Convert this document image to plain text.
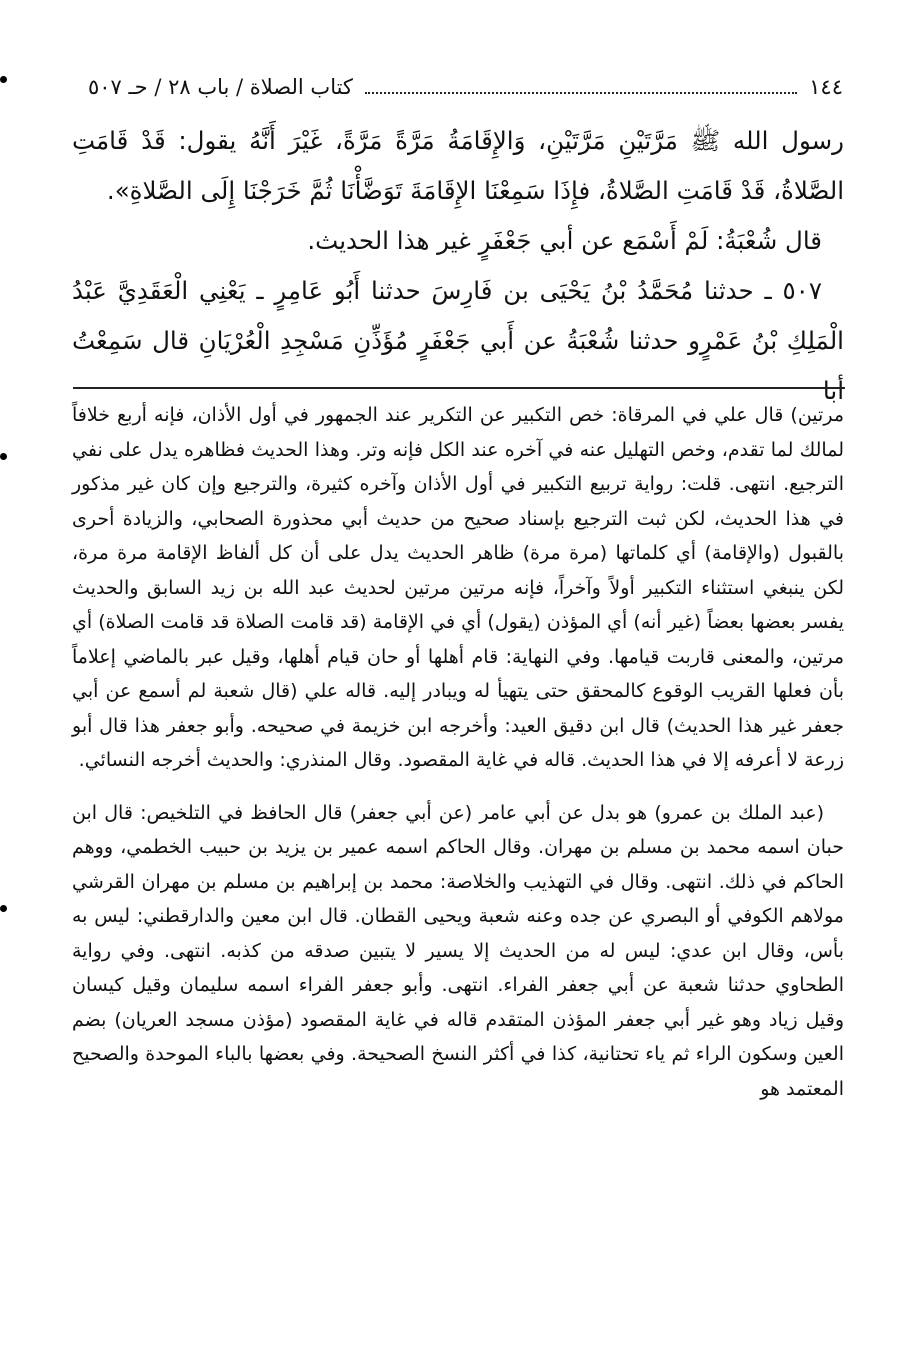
١٤٤
كتاب الصلاة / باب ٢٨ / حـ ٥٠٧

رسول الله ﷺ مَرَّتَيْنِ مَرَّتَيْنِ، وَالإِقَامَةُ مَرَّةً مَرَّةً، غَيْرَ أَنَّهُ يقول: قَدْ قَامَتِ الصَّلاةُ، قَدْ قَامَتِ الصَّلاةُ، فإِذَا سَمِعْنَا الإِقَامَةَ تَوَضَّأْنَا ثُمَّ خَرَجْنَا إِلَى الصَّلاةِ».

قال شُعْبَةُ: لَمْ أَسْمَع عن أبي جَعْفَرٍ غير هذا الحديث.

٥٠٧ ـ حدثنا مُحَمَّدُ بْنُ يَحْيَى بن فَارِسَ حدثنا أَبُو عَامِرٍ ـ يَعْنِي الْعَقَدِيَّ عَبْدُ الْمَلِكِ بْنُ عَمْرٍو حدثنا شُعْبَةُ عن أَبي جَعْفَرٍ مُؤَذِّنِ مَسْجِدِ الْعُرْيَانِ قال سَمِعْتُ أبا

مرتين) قال علي في المرقاة: خص التكبير عن التكرير عند الجمهور في أول الأذان، فإنه أربع خلافاً لمالك لما تقدم، وخص التهليل عنه في آخره عند الكل فإنه وتر. وهذا الحديث فظاهره يدل على نفي الترجيع. انتهى. قلت: رواية تربيع التكبير في أول الأذان وآخره كثيرة، والترجيع وإن كان غير مذكور في هذا الحديث، لكن ثبت الترجيع بإسناد صحيح من حديث أبي محذورة الصحابي، والزيادة أحرى بالقبول (والإقامة) أي كلماتها (مرة مرة) ظاهر الحديث يدل على أن كل ألفاظ الإقامة مرة مرة، لكن ينبغي استثناء التكبير أولاً وآخراً، فإنه مرتين مرتين لحديث عبد الله بن زيد السابق والحديث يفسر بعضها بعضاً (غير أنه) أي المؤذن (يقول) أي في الإقامة (قد قامت الصلاة قد قامت الصلاة) أي مرتين، والمعنى قاربت قيامها. وفي النهاية: قام أهلها أو حان قيام أهلها، وقيل عبر بالماضي إعلاماً بأن فعلها القريب الوقوع كالمحقق حتى يتهيأ له ويبادر إليه. قاله علي (قال شعبة لم أسمع عن أبي جعفر غير هذا الحديث) قال ابن دقيق العيد: وأخرجه ابن خزيمة في صحيحه. وأبو جعفر هذا قال أبو زرعة لا أعرفه إلا في هذا الحديث. قاله في غاية المقصود. وقال المنذري: والحديث أخرجه النسائي.

(عبد الملك بن عمرو) هو بدل عن أبي عامر (عن أبي جعفر) قال الحافظ في التلخيص: قال ابن حبان اسمه محمد بن مسلم بن مهران. وقال الحاكم اسمه عمير بن يزيد بن حبيب الخطمي، ووهم الحاكم في ذلك. انتهى. وقال في التهذيب والخلاصة: محمد بن إبراهيم بن مسلم بن مهران القرشي مولاهم الكوفي أو البصري عن جده وعنه شعبة ويحيى القطان. قال ابن معين والدارقطني: ليس به بأس، وقال ابن عدي: ليس له من الحديث إلا يسير لا يتبين صدقه من كذبه. انتهى. وفي رواية الطحاوي حدثنا شعبة عن أبي جعفر الفراء. انتهى. وأبو جعفر الفراء اسمه سليمان وقيل كيسان وقيل زياد وهو غير أبي جعفر المؤذن المتقدم قاله في غاية المقصود (مؤذن مسجد العريان) بضم العين وسكون الراء ثم ياء تحتانية، كذا في أكثر النسخ الصحيحة. وفي بعضها بالباء الموحدة والصحيح المعتمد هو
